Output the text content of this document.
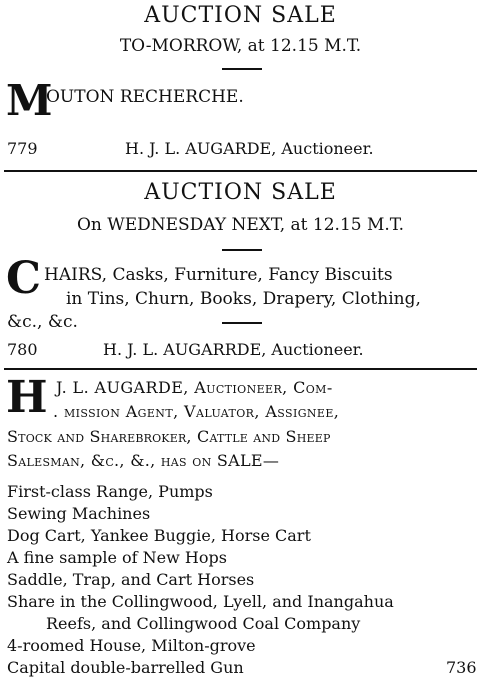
AUCTION SALE
TO-MORROW, at 12.15 M.T.
M
OUTON RECHERCHE.
779	H. J. L. AUGARDE, Auctioneer.
AUCTION SALE
On WEDNESDAY NEXT, at 12.15 M.T.
C HAIRS, Casks, Furniture, Fancy Biscuits
in Tins, Churn, Books, Drapery, Clothing,
&c., &c.
780	H. J. L. AUGARRDE, Auctioneer.
H J. L. AUGARDE, Auctioneer, Com-
. mission Agent, Valuator, Assignee,
Stock and Sharebroker, Cattle and Sheep
Salesman, &c., &., has on SALE—
First-class Range, Pumps
Sewing Machines
Dog Cart, Yankee Buggie, Horse Cart
A fine sample of New Hops
Saddle, Trap, and Cart Horses
Share in the Collingwood, Lyell, and Inangahua
Reefs, and Collingwood Coal Company
4-roomed House, Milton-grove
Capital double-barrelled Gun	736
